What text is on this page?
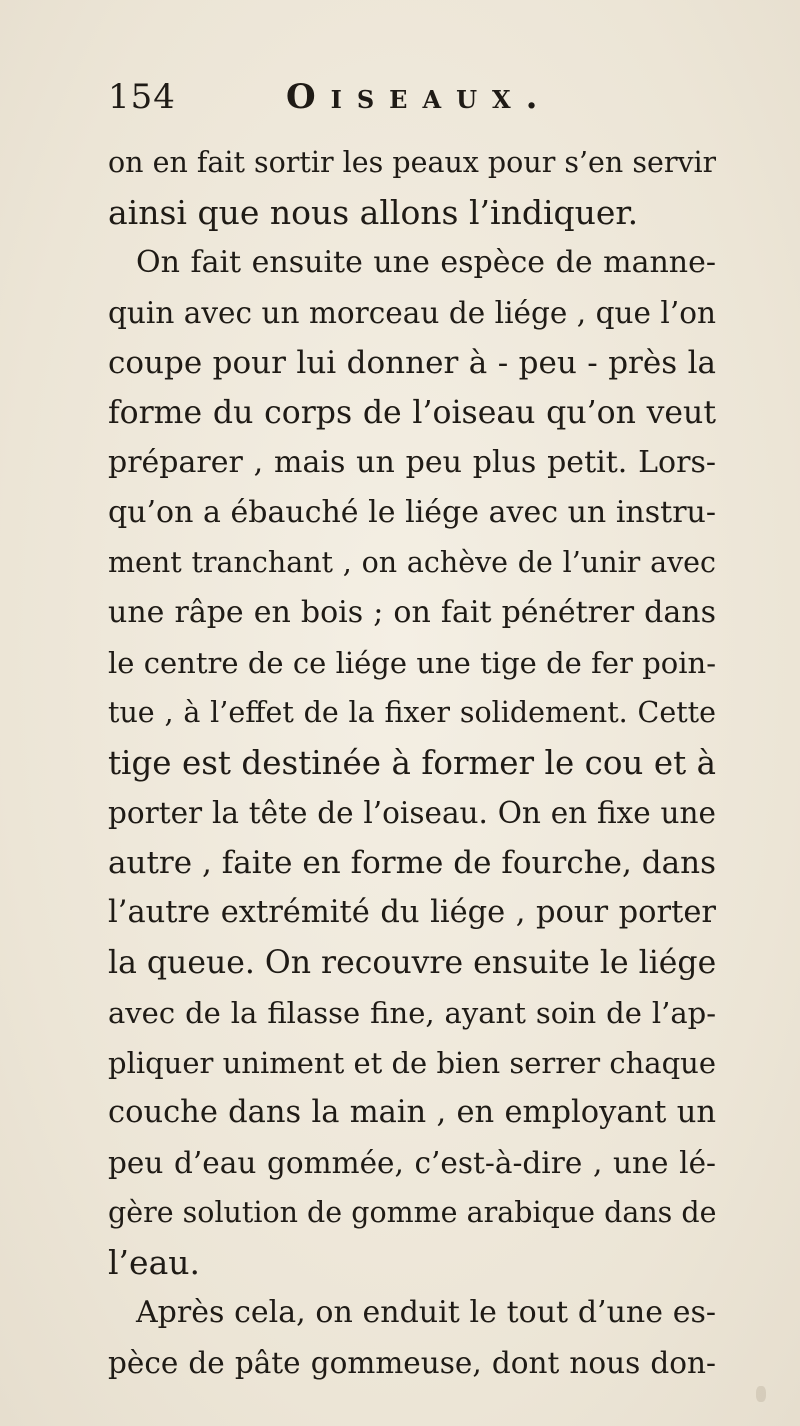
154	Oiseaux.
on en fait sortir les peaux pour s’en servir
ainsi que nous allons l’indiquer.
On fait ensuite une espèce de manne-
quin avec un morceau de liége , que l’on
coupe pour lui donner à - peu - près la
forme du corps de l’oiseau qu’on veut
préparer , mais un peu plus petit. Lors-
qu’on a ébauché le liége avec un instru-
ment tranchant , on achève de l’unir avec
une râpe en bois ; on fait pénétrer dans
le centre de ce liége une tige de fer poin-
tue , à l’effet de la fixer solidement. Cette
tige est destinée à former le cou et à
porter la tête de l’oiseau. On en fixe une
autre , faite en forme de fourche, dans
l’autre extrémité du liége , pour porter
la queue. On recouvre ensuite le liége
avec de la filasse fine, ayant soin de l’ap-
pliquer uniment et de bien serrer chaque
couche dans la main , en employant un
peu d’eau gommée, c’est-à-dire , une lé-
gère solution de gomme arabique dans de
l’eau.
Après cela, on enduit le tout d’une es-
pèce de pâte gommeuse, dont nous don-
